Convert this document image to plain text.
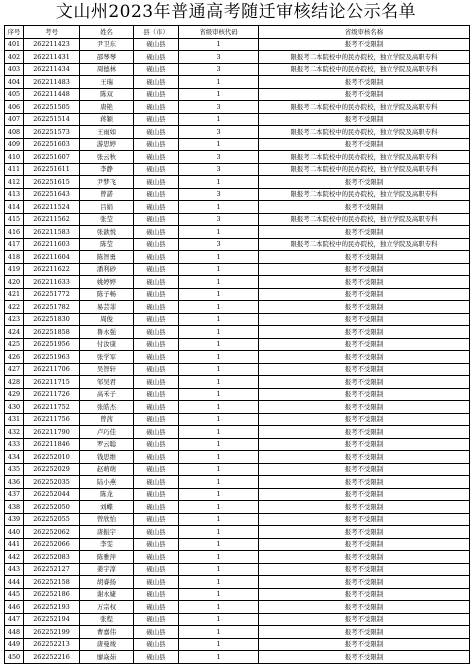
文山州2023年普通高考随迁审核结论公示名单
序号	考号	姓名	县（市）	省级审核代码	省级审核名称
401	262211423	尹卫东	砚山县	1	报考不受限制
402	262211431	邵琴琴	砚山县	3	限报考二本院校中的民办院校，独立学院及高职专科
403	262211434	周德林	砚山县	3	限报考二本院校中的民办院校，独立学院及高职专科
404	262211483	王瑞	砚山县	1	报考不受限制
405	262211448	陈双	砚山县	1	报考不受限制
406	262251505	唐艳	砚山县	3	限报考二本院校中的民办院校，独立学院及高职专科
407	262251514	蒋颖	砚山县	1	报考不受限制
408	262251573	王雨如	砚山县	3	限报考二本院校中的民办院校，独立学院及高职专科
409	262251603	游思婷	砚山县	1	报考不受限制
410	262251607	张云秋	砚山县	3	限报考二本院校中的民办院校，独立学院及高职专科
411	262251611	李静	砚山县	3	限报考二本院校中的民办院校，独立学院及高职专科
412	262251615	尹梦飞	砚山县	1	报考不受限制
413	262251643	曾諾	砚山县	3	限报考二本院校中的民办院校，独立学院及高职专科
414	262211524	吕娟	砚山县	1	报考不受限制
415	262211562	张莹	砚山县	3	限报考二本院校中的民办院校，独立学院及高职专科
416	262211583	张歆悦	砚山县	1	报考不受限制
417	262211603	陈莹	砚山县	3	限报考二本院校中的民办院校，独立学院及高职专科
418	262211604	陈智勇	砚山县	1	报考不受限制
419	262211622	潘利砂	砚山县	1	报考不受限制
420	262211633	姚婷婷	砚山县	1	报考不受限制
421	262251772	陈子畅	砚山县	1	报考不受限制
422	262251782	易芸菲	砚山县	1	报考不受限制
423	262251830	周俊	砚山县	1	报考不受限制
424	262251858	鲁永强	砚山县	1	报考不受限制
425	262251956	付汝康	砚山县	1	报考不受限制
426	262251963	张学军	砚山县	1	报考不受限制
427	262211706	吴智轩	砚山县	1	报考不受限制
428	262211715	邹吴君	砚山县	1	报考不受限制
429	262211726	高禾子	砚山县	1	报考不受限制
430	262211752	张皓杰	砚山县	1	报考不受限制
431	262211756	曾茜	砚山县	1	报考不受限制
432	262211790	卢巧佳	砚山县	1	报考不受限制
433	262211846	罗云聪	砚山县	1	报考不受限制
434	262252010	钱思维	砚山县	1	报考不受限制
435	262252029	赵萌萌	砚山县	1	报考不受限制
436	262252035	陆小燕	砚山县	1	报考不受限制
437	262252044	陈龙	砚山县	1	报考不受限制
438	262252050	刘蝶	砚山县	1	报考不受限制
439	262252055	曾欣怡	砚山县	1	报考不受限制
440	262252062	唐振宇	砚山县	1	报考不受限制
441	262252066	李雯	砚山县	1	报考不受限制
442	262252083	陈雅萍	砚山县	1	报考不受限制
443	262252127	姜宇淳	砚山县	1	报考不受限制
444	262252158	胡睿扬	砚山县	1	报考不受限制
445	262252186	谢永婕	砚山县	1	报考不受限制
446	262252193	万宗权	砚山县	1	报考不受限制
447	262252194	张程	砚山县	1	报考不受限制
448	262252199	曹嘉伟	砚山县	1	报考不受限制
449	262252213	唐曼竣	砚山县	1	报考不受限制
450	262252216	廖焱茹	砚山县	1	报考不受限制
